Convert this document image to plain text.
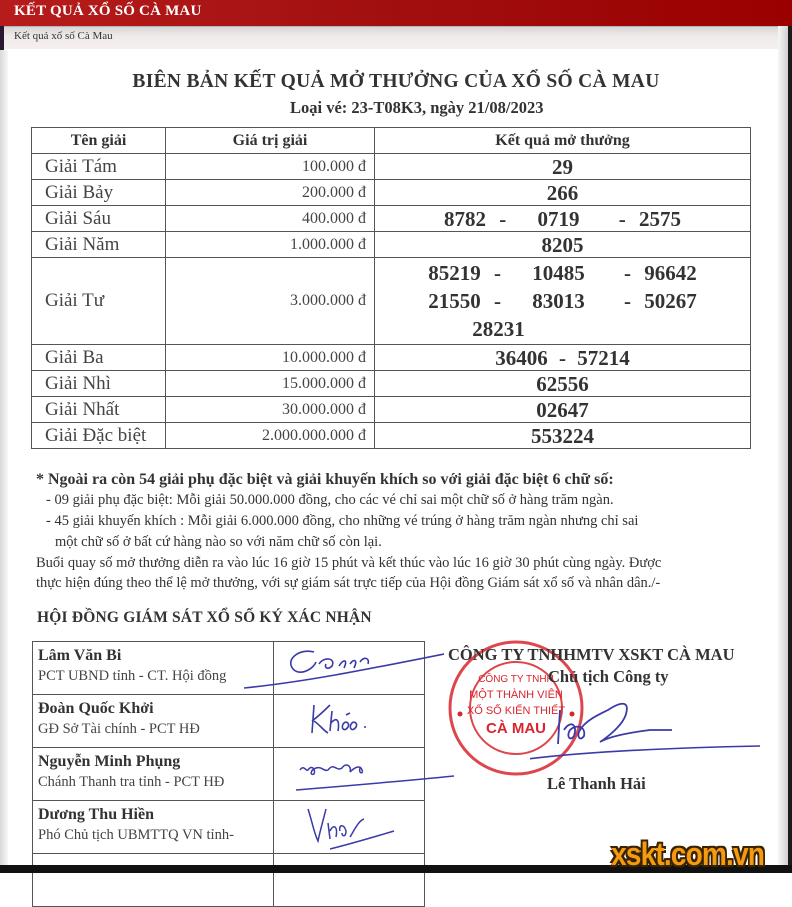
KẾT QUẢ XỔ SỐ CÀ MAU
Kết quả xổ số Cà Mau
BIÊN BẢN KẾT QUẢ MỞ THƯỞNG CỦA XỔ SỐ CÀ MAU
Loại vé: 23-T08K3, ngày 21/08/2023
Tên giải	Giá trị giải	Kết quả mở thưởng
Giải Tám	100.000 đ	29
Giải Bảy	200.000 đ	266
Giải Sáu	400.000 đ	8782 - 0719 - 2575
Giải Năm	1.000.000 đ	8205
Giải Tư	3.000.000 đ	85219 - 10485 - 96642
21550 - 83013 - 50267
28231

Giải Ba	10.000.000 đ	36406 - 57214
Giải Nhì	15.000.000 đ	62556
Giải Nhất	30.000.000 đ	02647
Giải Đặc biệt	2.000.000.000 đ	553224
* Ngoài ra còn 54 giải phụ đặc biệt và giải khuyến khích so với giải đặc biệt 6 chữ số:
- 09 giải phụ đặc biệt: Mỗi giải 50.000.000 đồng, cho các vé chỉ sai một chữ số ở hàng trăm ngàn.
- 45 giải khuyến khích : Mỗi giải 6.000.000 đồng, cho những vé trúng ở hàng trăm ngàn nhưng chỉ sai
một chữ số ở bất cứ hàng nào so với năm chữ số còn lại.
Buổi quay số mở thưởng diễn ra vào lúc 16 giờ 15 phút và kết thúc vào lúc 16 giờ 30 phút cùng ngày. Được
thực hiện đúng theo thể lệ mở thưởng, với sự giám sát trực tiếp của Hội đồng Giám sát xổ số và nhân dân./-
HỘI ĐỒNG GIÁM SÁT XỔ SỐ KÝ XÁC NHẬN
Lâm Văn Bi
PCT UBND tỉnh - CT. Hội đồng

Đoàn Quốc Khởi
GĐ Sở Tài chính - PCT HĐ

Nguyễn Minh Phụng
Chánh Thanh tra tỉnh - PCT HĐ

Dương Thu Hiền
Phó Chủ tịch UBMTTQ VN tỉnh-

CÔNG TY TNHH
MỘT THÀNH VIÊN
XỔ SỐ KIẾN THIẾT
CÀ MAU
CÔNG TY TNHHMTV XSKT CÀ MAU
Chủ tịch Công ty
Lê Thanh Hải
xskt.com.vn
